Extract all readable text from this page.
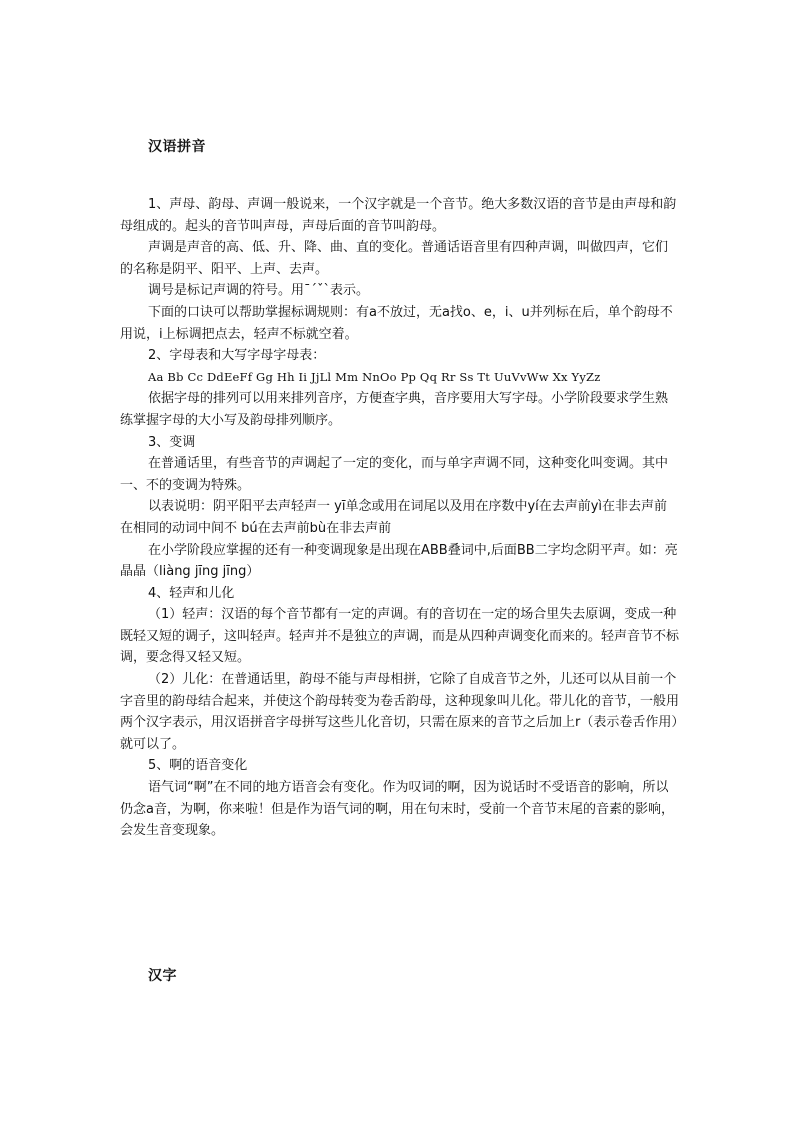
汉语拼音

1、声母、韵母、声调一般说来，一个汉字就是一个音节。绝大多数汉语的音节是由声母和韵母组成的。起头的音节叫声母，声母后面的音节叫韵母。

声调是声音的高、低、升、降、曲、直的变化。普通话语音里有四种声调，叫做四声，它们的名称是阴平、阳平、上声、去声。

调号是标记声调的符号。用ˉˊˇˋ表示。

下面的口诀可以帮助掌握标调规则：有a不放过，无a找o、e，i、u并列标在后，单个韵母不用说，i上标调把点去，轻声不标就空着。

2、字母表和大写字母字母表：

Aa Bb Cc DdEeFf Gg Hh Ii JjLl Mm NnOo Pp Qq Rr Ss Tt UuVvWw Xx YyZz

依据字母的排列可以用来排列音序，方便查字典，音序要用大写字母。小学阶段要求学生熟练掌握字母的大小写及韵母排列顺序。

3、变调

在普通话里，有些音节的声调起了一定的变化，而与单字声调不同，这种变化叫变调。其中一、不的变调为特殊。

以表说明：阴平阳平去声轻声一 yī单念或用在词尾以及用在序数中yí在去声前yì在非去声前在相同的动词中间不 bú在去声前bù在非去声前

在小学阶段应掌握的还有一种变调现象是出现在ABB叠词中,后面BB二字均念阴平声。如：亮晶晶（liàng jīng jīng）

4、轻声和儿化

（1）轻声：汉语的每个音节都有一定的声调。有的音切在一定的场合里失去原调，变成一种既轻又短的调子，这叫轻声。轻声并不是独立的声调，而是从四种声调变化而来的。轻声音节不标调，要念得又轻又短。

（2）儿化：在普通话里，韵母不能与声母相拼，它除了自成音节之外，儿还可以从目前一个字音里的韵母结合起来，并使这个韵母转变为卷舌韵母，这种现象叫儿化。带儿化的音节，一般用两个汉字表示，用汉语拼音字母拼写这些儿化音切，只需在原来的音节之后加上r（表示卷舌作用）就可以了。

5、啊的语音变化

语气词“啊”在不同的地方语音会有变化。作为叹词的啊，因为说话时不受语音的影响，所以仍念a音，为啊，你来啦！但是作为语气词的啊，用在句末时，受前一个音节末尾的音素的影响，会发生音变现象。

汉字
